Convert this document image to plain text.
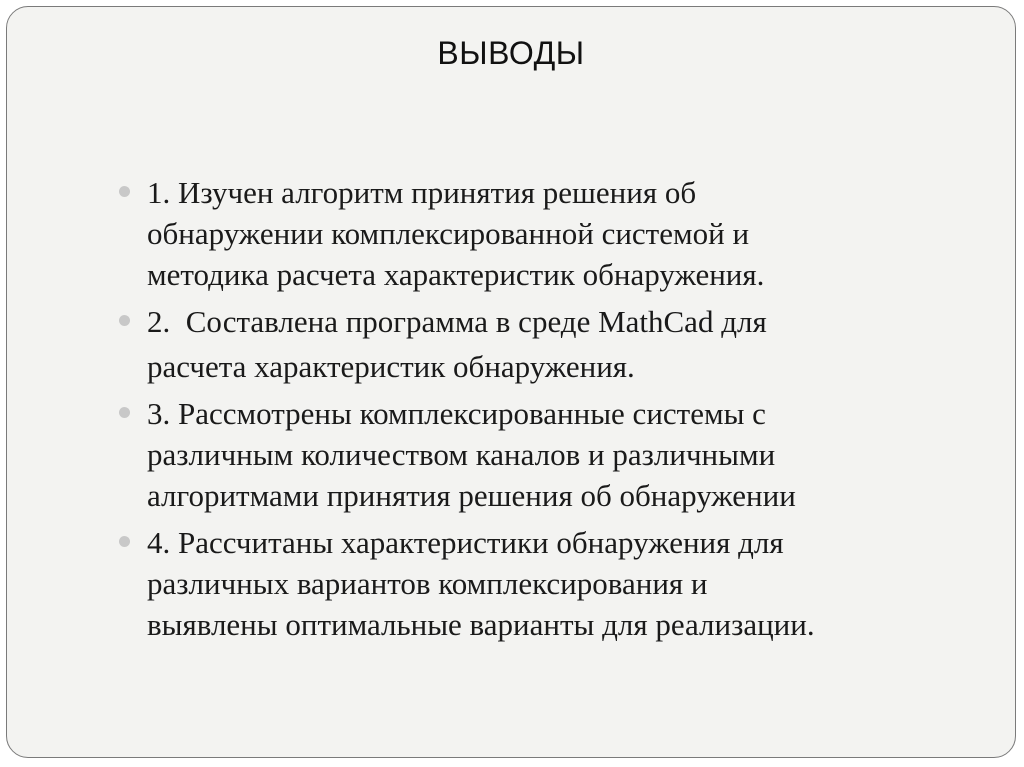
ВЫВОДЫ
1. Изучен алгоритм принятия решения об
обнаружении комплексированной системой и
методика расчета характеристик обнаружения.
2.  Составлена программа в среде MathCad для
расчета характеристик обнаружения.
3. Рассмотрены комплексированные системы с
различным количеством каналов и различными
алгоритмами принятия решения об обнаружении
4. Рассчитаны характеристики обнаружения для
различных вариантов комплексирования и
выявлены оптимальные варианты для реализации.
